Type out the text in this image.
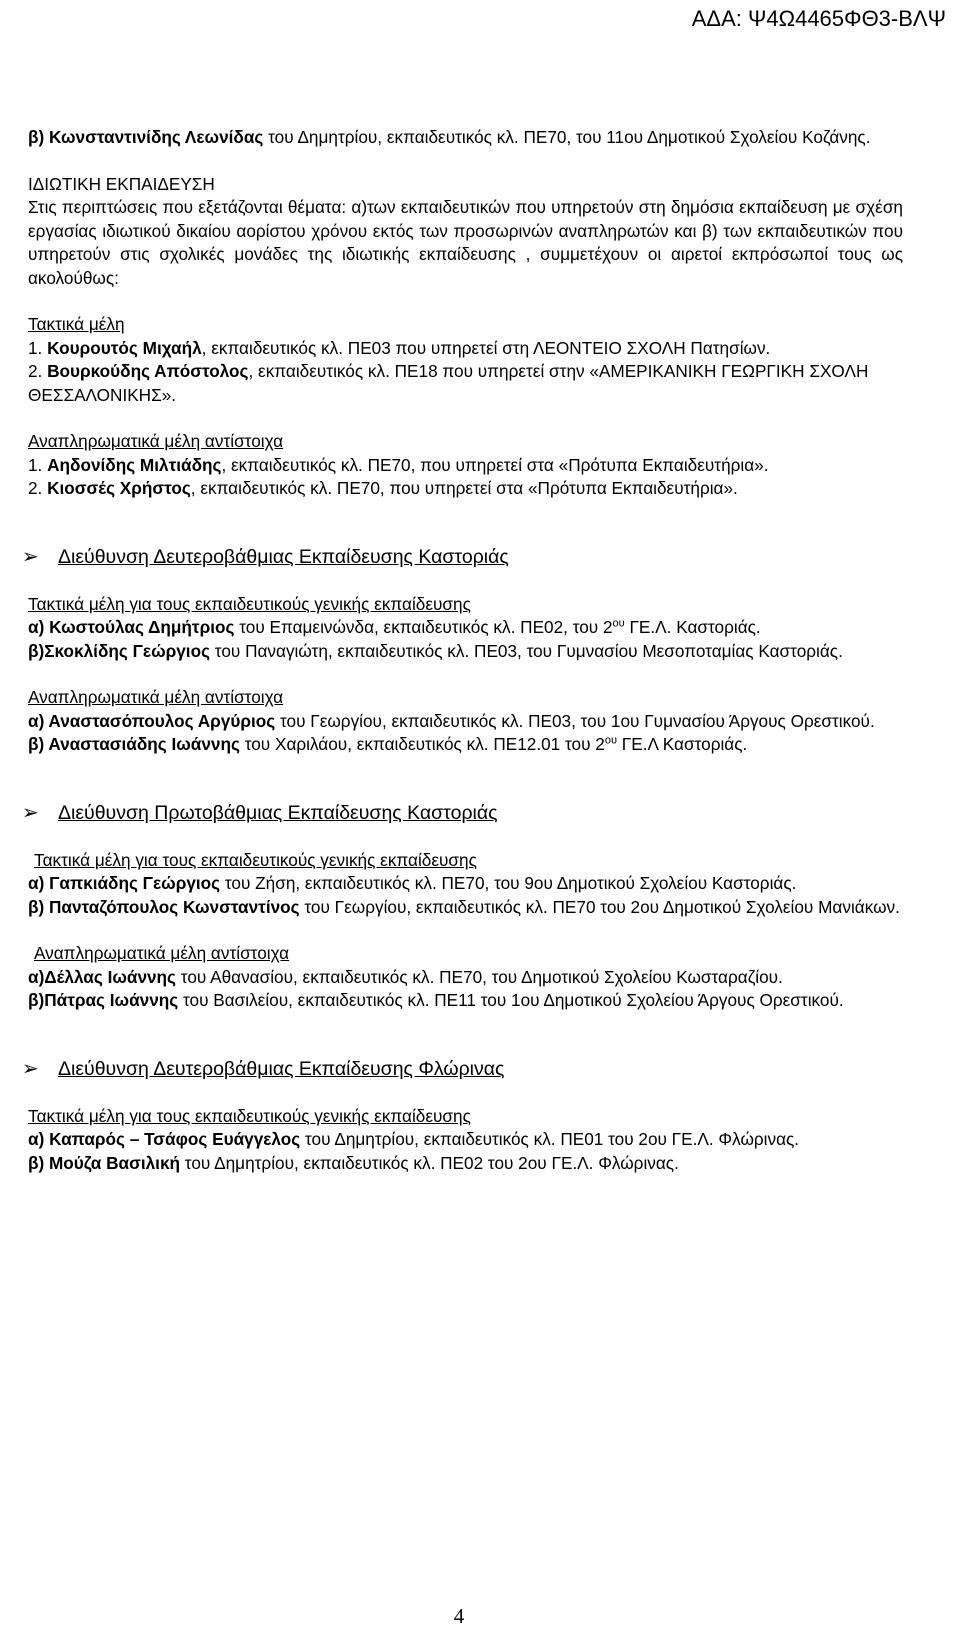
ΑΔΑ: Ψ4Ω4465ΦΘ3-ΒΛΨ

β) Κωνσταντινίδης Λεωνίδας του Δημητρίου, εκπαιδευτικός κλ. ΠΕ70, του 11ου Δημοτικού Σχολείου Κοζάνης.

ΙΔΙΩΤΙΚΗ ΕΚΠΑΙΔΕΥΣΗ

Στις περιπτώσεις που εξετάζονται θέματα: α)των εκπαιδευτικών που υπηρετούν στη δημόσια εκπαίδευση με σχέση εργασίας ιδιωτικού δικαίου αορίστου χρόνου εκτός των προσωρινών αναπληρωτών και β) των εκπαιδευτικών που υπηρετούν στις σχολικές μονάδες της ιδιωτικής εκπαίδευσης , συμμετέχουν οι αιρετοί εκπρόσωποί τους ως ακολούθως:

Τακτικά μέλη

1. Κουρουτός Μιχαήλ, εκπαιδευτικός κλ. ΠΕ03 που υπηρετεί στη ΛΕΟΝΤΕΙΟ ΣΧΟΛΗ Πατησίων.

2. Βουρκούδης Απόστολος, εκπαιδευτικός κλ. ΠΕ18 που υπηρετεί στην «ΑΜΕΡΙΚΑΝΙΚΗ ΓΕΩΡΓΙΚΗ ΣΧΟΛΗ ΘΕΣΣΑΛΟΝΙΚΗΣ».

Αναπληρωματικά μέλη αντίστοιχα

1. Αηδονίδης Μιλτιάδης, εκπαιδευτικός κλ. ΠΕ70, που υπηρετεί στα «Πρότυπα Εκπαιδευτήρια».

2. Κιοσσές Χρήστος, εκπαιδευτικός κλ. ΠΕ70, που υπηρετεί στα «Πρότυπα Εκπαιδευτήρια».

➢ Διεύθυνση Δευτεροβάθμιας Εκπαίδευσης Καστοριάς

Τακτικά μέλη για τους εκπαιδευτικούς γενικής εκπαίδευσης

α) Κωστούλας Δημήτριος του Επαμεινώνδα, εκπαιδευτικός κλ. ΠΕ02, του $2^{o\upsilon}$ ΓΕ.Λ. Καστοριάς.

β)Σκοκλίδης Γεώργιος του Παναγιώτη, εκπαιδευτικός κλ. ΠΕ03, του Γυμνασίου Μεσοποταμίας Καστοριάς.

Αναπληρωματικά μέλη αντίστοιχα

α) Αναστασόπουλος Αργύριος του Γεωργίου, εκπαιδευτικός κλ. ΠΕ03, του 1ου Γυμνασίου Άργους Ορεστικού.

β) Αναστασιάδης Ιωάννης του Χαριλάου, εκπαιδευτικός κλ. ΠΕ12.01 του $2^{o\upsilon}$ ΓΕ.Λ Καστοριάς.

➢ Διεύθυνση Πρωτοβάθμιας Εκπαίδευσης Καστοριάς

Τακτικά μέλη για τους εκπαιδευτικούς γενικής εκπαίδευσης

α) Γαπκιάδης Γεώργιος του Ζήση, εκπαιδευτικός κλ. ΠΕ70, του 9ου Δημοτικού Σχολείου Καστοριάς.

β) Πανταζόπουλος Κωνσταντίνος του Γεωργίου, εκπαιδευτικός κλ. ΠΕ70 του 2ου Δημοτικού Σχολείου Μανιάκων.

Αναπληρωματικά μέλη αντίστοιχα

α)Δέλλας Ιωάννης του Αθανασίου, εκπαιδευτικός κλ. ΠΕ70, του Δημοτικού Σχολείου Κωσταραζίου.

β)Πάτρας Ιωάννης του Βασιλείου, εκπαιδευτικός κλ. ΠΕ11 του 1ου Δημοτικού Σχολείου Άργους Ορεστικού.

➢ Διεύθυνση Δευτεροβάθμιας Εκπαίδευσης Φλώρινας

Τακτικά μέλη για τους εκπαιδευτικούς γενικής εκπαίδευσης

α) Καπαρός – Τσάφος Ευάγγελος του Δημητρίου, εκπαιδευτικός κλ. ΠΕ01 του 2ου ΓΕ.Λ. Φλώρινας.

β) Μούζα Βασιλική του Δημητρίου, εκπαιδευτικός κλ. ΠΕ02 του 2ου ΓΕ.Λ. Φλώρινας.

4
